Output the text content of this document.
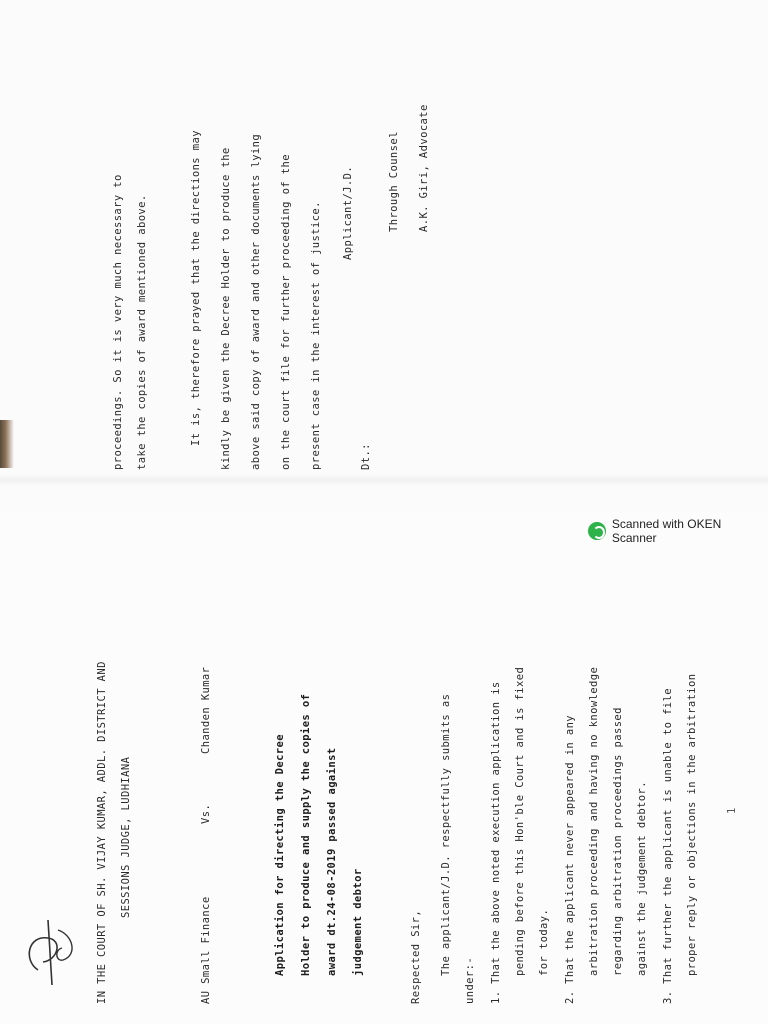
proceedings. So it is very much necessary to take the copies of award mentioned above.	It is, therefore prayed that the directions may kindly be given the Decree Holder to produce the above said copy of award and other documents lying on the court file for further proceeding of the present case in the interest of justice. Applicant/J.D.	Through Counsel
Dt.:
A.K. Giri, Advocate
Scanned with OKEN Scanner
IN THE COURT OF SH. VIJAY KUMAR, ADDL. DISTRICT AND SESSIONS JUDGE, LUDHIANA
AU Small Finance
Vs.
Chanden Kumar
Application for directing the Decree Holder to produce and supply the copies of award dt.24-08-2019 passed against judgement debtor	Respected Sir, The applicant/J.D. respectfully submits as
under:- 1. That the above noted execution application is pending before this Hon'ble Court and is fixed for today. 2. That the applicant never appeared in any arbitration proceeding and having no knowledge regarding arbitration proceedings passed against the judgement debtor. 3. That further the applicant is unable to file proper reply or objections in the arbitration	1
